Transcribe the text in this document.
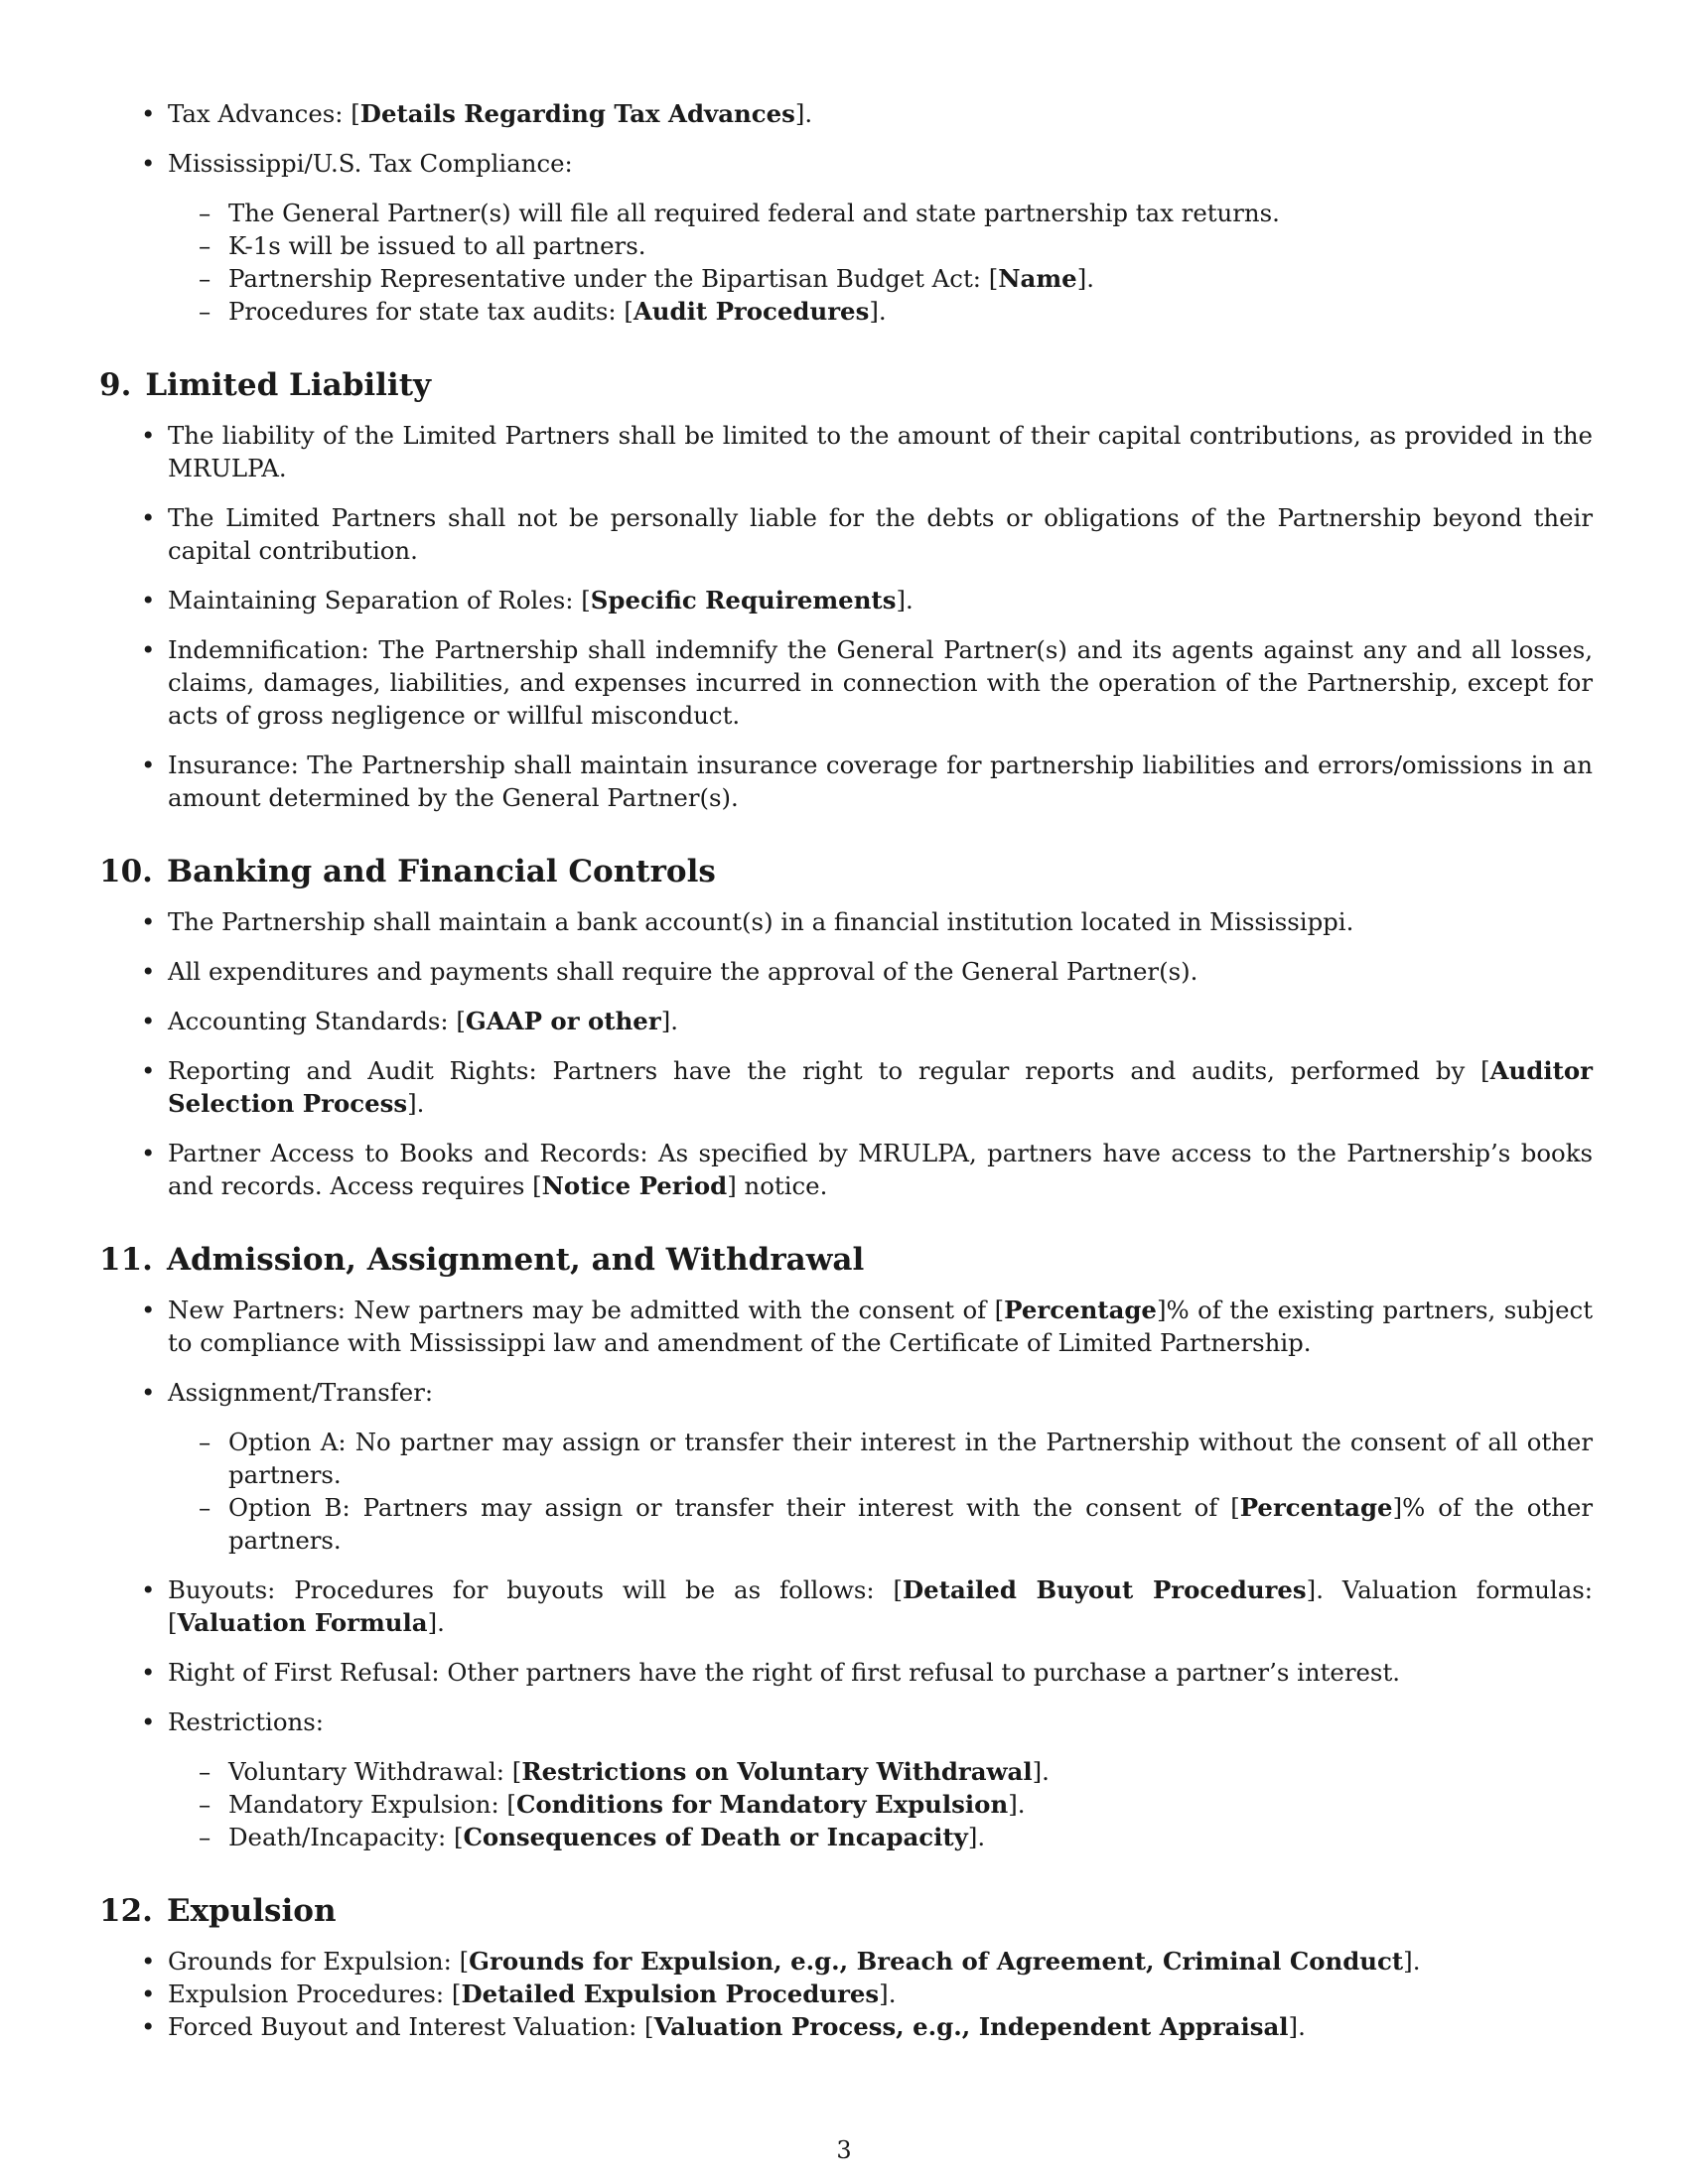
• Tax Advances: [Details Regarding Tax Advances].
• Mississippi/U.S. Tax Compliance:
– The General Partner(s) will file all required federal and state partnership tax returns.
– K-1s will be issued to all partners.
– Partnership Representative under the Bipartisan Budget Act: [Name].
– Procedures for state tax audits: [Audit Procedures].
9. Limited Liability
• The liability of the Limited Partners shall be limited to the amount of their capital contributions, as provided in the MRULPA.
• The Limited Partners shall not be personally liable for the debts or obligations of the Partnership beyond their capital contribution.
• Maintaining Separation of Roles: [Specific Requirements].
• Indemnification: The Partnership shall indemnify the General Partner(s) and its agents against any and all losses, claims, damages, liabilities, and expenses incurred in connection with the operation of the Partnership, except for acts of gross negligence or willful misconduct.
• Insurance: The Partnership shall maintain insurance coverage for partnership liabilities and errors/omissions in an amount determined by the General Partner(s).
10. Banking and Financial Controls
• The Partnership shall maintain a bank account(s) in a financial institution located in Mississippi.
• All expenditures and payments shall require the approval of the General Partner(s).
• Accounting Standards: [GAAP or other].
• Reporting and Audit Rights: Partners have the right to regular reports and audits, performed by [Auditor Selection Process].
• Partner Access to Books and Records: As specified by MRULPA, partners have access to the Partnership’s books and records. Access requires [Notice Period] notice.
11. Admission, Assignment, and Withdrawal
• New Partners: New partners may be admitted with the consent of [Percentage]% of the existing partners, subject to compliance with Mississippi law and amendment of the Certificate of Limited Partnership.
• Assignment/Transfer:
– Option A: No partner may assign or transfer their interest in the Partnership without the consent of all other partners.
– Option B: Partners may assign or transfer their interest with the consent of [Percentage]% of the other partners.
• Buyouts: Procedures for buyouts will be as follows: [Detailed Buyout Procedures]. Valuation formulas: [Valuation Formula].
• Right of First Refusal: Other partners have the right of first refusal to purchase a partner’s interest.
• Restrictions:
– Voluntary Withdrawal: [Restrictions on Voluntary Withdrawal].
– Mandatory Expulsion: [Conditions for Mandatory Expulsion].
– Death/Incapacity: [Consequences of Death or Incapacity].
12. Expulsion
• Grounds for Expulsion: [Grounds for Expulsion, e.g., Breach of Agreement, Criminal Conduct].
• Expulsion Procedures: [Detailed Expulsion Procedures].
• Forced Buyout and Interest Valuation: [Valuation Process, e.g., Independent Appraisal].
3
